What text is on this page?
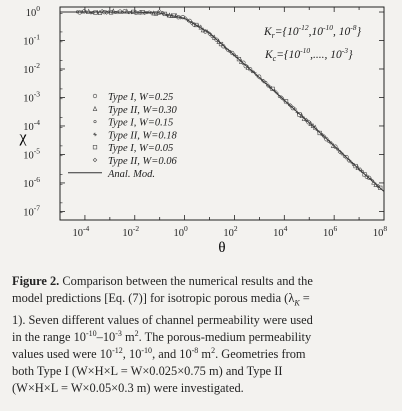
$10^{-4}$	$10^{-2}$	$10^0$	$10^2$	$10^4$	$10^6$	$10^8$
$10^0$
$10^{-1}$
$10^{-2}$
$10^{-3}$
$10^{-4}$
$10^{-5}$
$10^{-6}$
$10^{-7}$
Type I, W=0.25
Type II, W=0.30
Type I, W=0.15
Type II, W=0.18
Type I, W=0.05
Type II, W=0.06
Anal. Mod.
$K_r=\{10^{-12},10^{-10}$, $10^{-8}$}
$K_c=\{10^{-10}$,...., $10^{-3}$}
θ
χ
Figure 2. Comparison between the numerical results and the
model predictions [Eq. (7)] for isotropic porous media ($\lambda_K$ =
1). Seven different values of channel permeability were used
in the range $10^{-10}-10^{-3}$ $m^2$. The porous-medium permeability
values used were $10^{-12}$, $10^{-10}$, and $10^{-8}$ $m^2$. Geometries from
both Type I (W×H×L = W×0.025×0.75 m) and Type II
(W×H×L = W×0.05×0.3 m) were investigated.
